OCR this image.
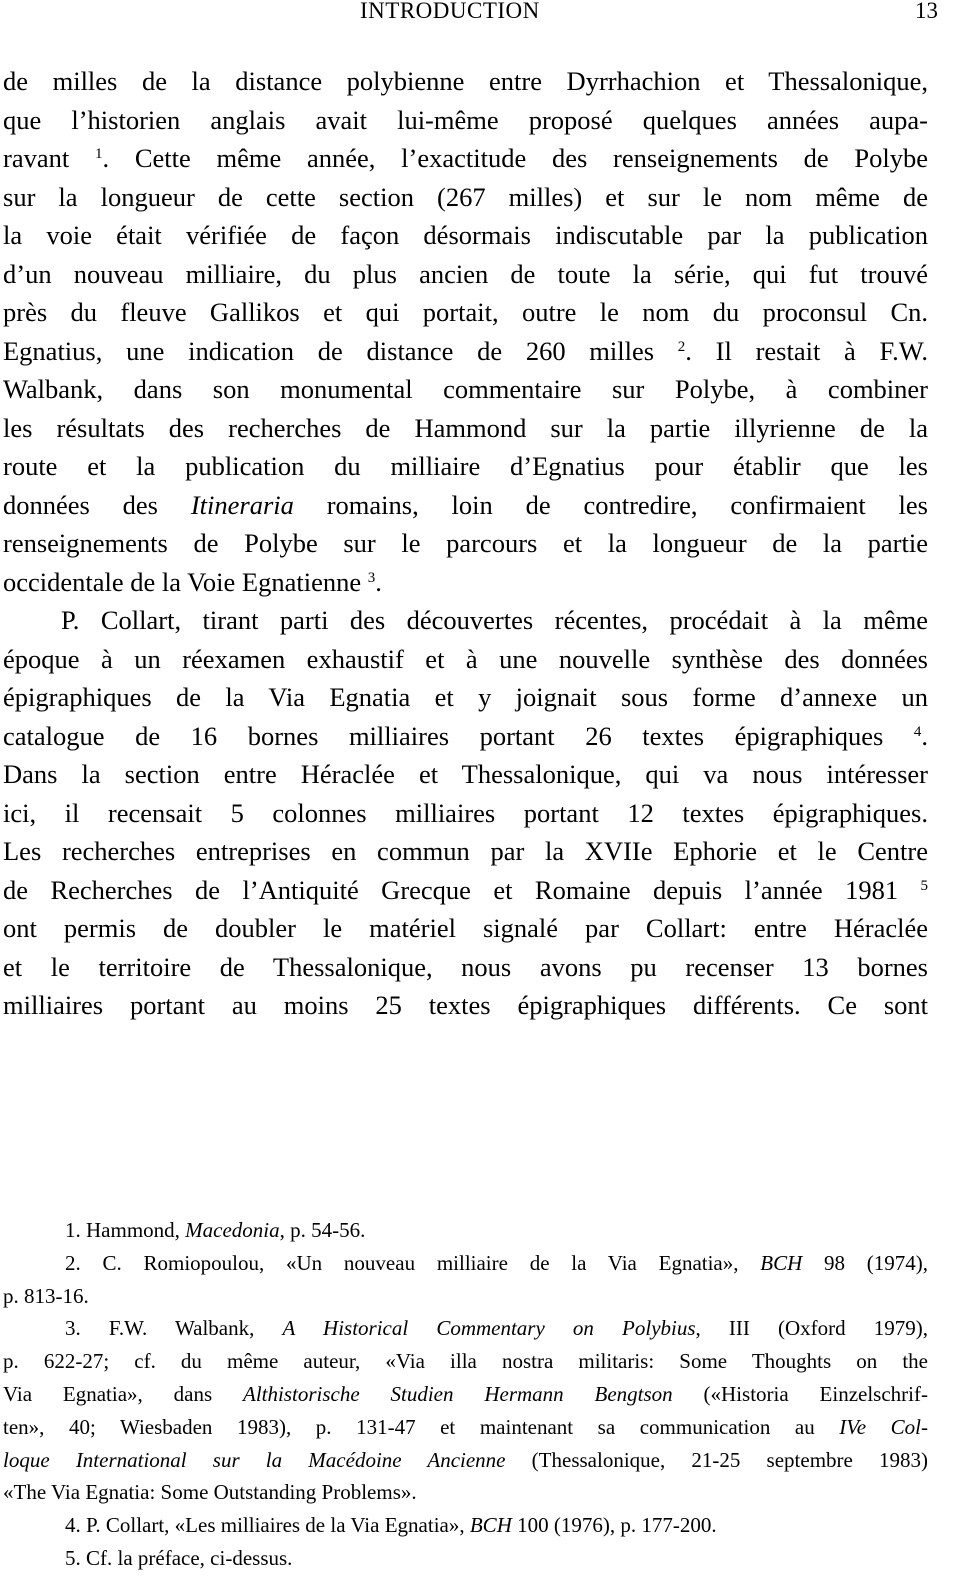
INTRODUCTION	13
de milles de la distance polybienne entre Dyrrhachion et Thessalonique,
que l’historien anglais avait lui-même proposé quelques années aupa-
ravant $^1$. Cette même année, l’exactitude des renseignements de Polybe
sur la longueur de cette section (267 milles) et sur le nom même de
la voie était vérifiée de façon désormais indiscutable par la publication
d’un nouveau milliaire, du plus ancien de toute la série, qui fut trouvé
près du fleuve Gallikos et qui portait, outre le nom du proconsul Cn.
Egnatius, une indication de distance de 260 milles $^2$. Il restait à F.W.
Walbank, dans son monumental commentaire sur Polybe, à combiner
les résultats des recherches de Hammond sur la partie illyrienne de la
route et la publication du milliaire d’Egnatius pour établir que les
données des Itineraria romains, loin de contredire, confirmaient les
renseignements de Polybe sur le parcours et la longueur de la partie
occidentale de la Voie Egnatienne $^3$.
P. Collart, tirant parti des découvertes récentes, procédait à la même
époque à un réexamen exhaustif et à une nouvelle synthèse des données
épigraphiques de la Via Egnatia et y joignait sous forme d’annexe un
catalogue de 16 bornes milliaires portant 26 textes épigraphiques $^4$.
Dans la section entre Héraclée et Thessalonique, qui va nous intéresser
ici, il recensait 5 colonnes milliaires portant 12 textes épigraphiques.
Les recherches entreprises en commun par la XVIIe Ephorie et le Centre
de Recherches de l’Antiquité Grecque et Romaine depuis l’année 1981 $^5$
ont permis de doubler le matériel signalé par Collart: entre Héraclée
et le territoire de Thessalonique, nous avons pu recenser 13 bornes
milliaires portant au moins 25 textes épigraphiques différents. Ce sont
1. Hammond, Macedonia, p. 54-56.
2. C. Romiopoulou, «Un nouveau milliaire de la Via Egnatia», BCH 98 (1974),
p. 813-16.
3. F.W. Walbank, A Historical Commentary on Polybius, III (Oxford 1979),
p. 622-27; cf. du même auteur, «Via illa nostra militaris: Some Thoughts on the
Via Egnatia», dans Althistorische Studien Hermann Bengtson («Historia Einzelschrif-
ten», 40; Wiesbaden 1983), p. 131-47 et maintenant sa communication au IVe Col-
loque International sur la Macédoine Ancienne (Thessalonique, 21-25 septembre 1983)
«The Via Egnatia: Some Outstanding Problems».
4. P. Collart, «Les milliaires de la Via Egnatia», BCH 100 (1976), p. 177-200.
5. Cf. la préface, ci-dessus.
